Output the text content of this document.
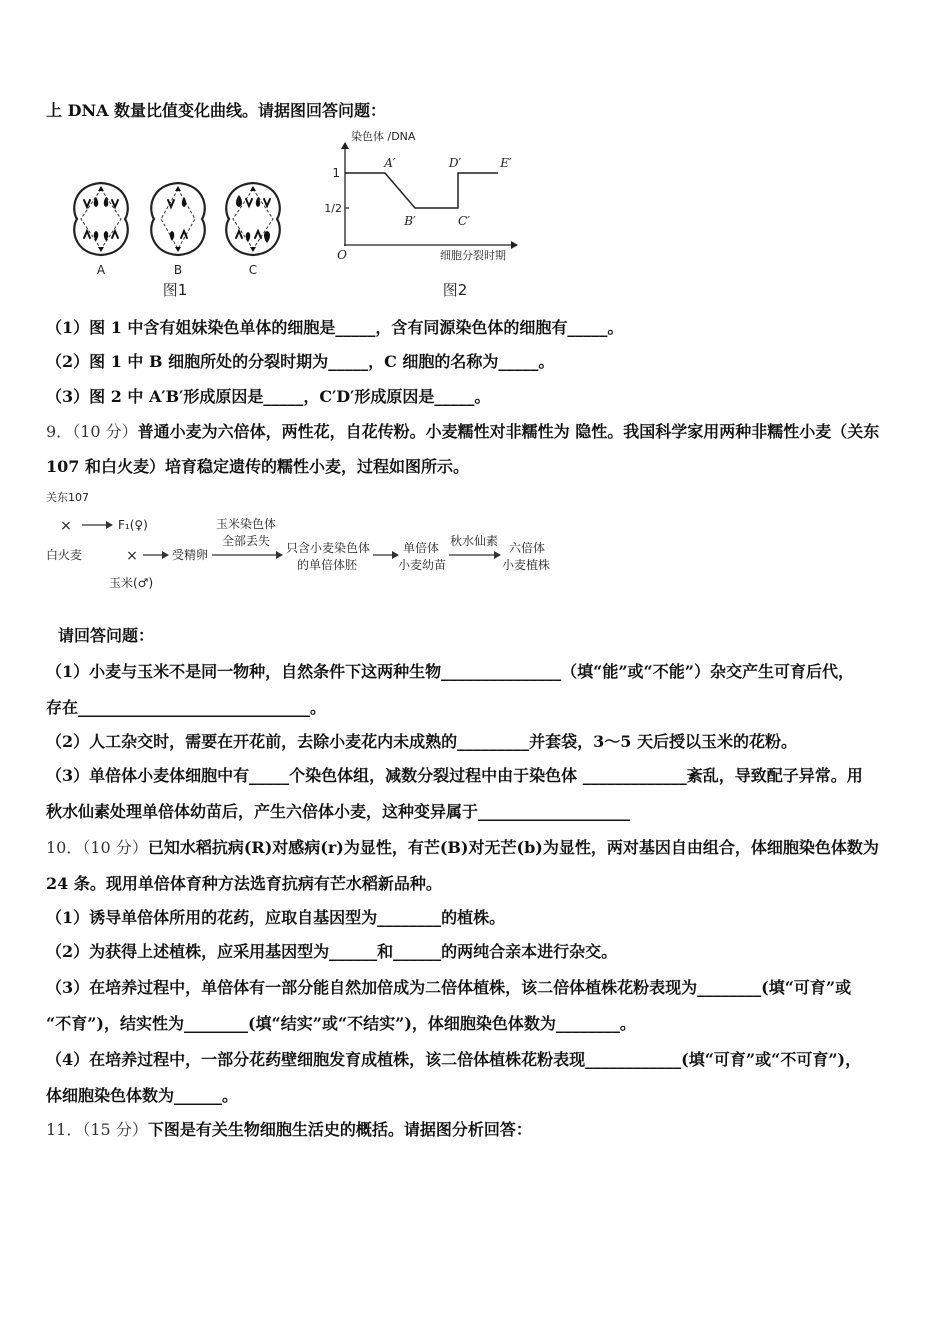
上 DNA 数量比值变化曲线。请据图回答问题：
A	B	C
图1
染色体 /DNA
1
1/2
O
A′
B′	C′
D′	E′
细胞分裂时期
图2
（1）图 1 中含有姐妹染色单体的细胞是_____，含有同源染色体的细胞有_____。
（2）图 1 中 B 细胞所处的分裂时期为_____，C 细胞的名称为_____。
（3）图 2 中 A′B′形成原因是_____，C′D′形成原因是_____。
9．（10 分）普通小麦为六倍体，两性花，自花传粉。小麦糯性对非糯性为 隐性。我国科学家用两种非糯性小麦（关东
107 和白火麦）培育稳定遗传的糯性小麦，过程如图所示。
关东107
×	F₁(♀)
白火麦	×	受精卵
玉米(♂)
玉米染色体
全部丢失 只含小麦染色体
的单倍体胚
单倍体
小麦幼苗
秋水仙素 六倍体
小麦植株
请回答问题：
（1）小麦与玉米不是同一物种，自然条件下这两种生物_______________（填“能”或“不能”）杂交产生可育后代，
存在_____________________________。
（2）人工杂交时，需要在开花前，去除小麦花内未成熟的_________并套袋，3～5 天后授以玉米的花粉。
（3）单倍体小麦体细胞中有_____个染色体组，减数分裂过程中由于染色体 _____________紊乱，导致配子异常。用
秋水仙素处理单倍体幼苗后，产生六倍体小麦，这种变异属于___________________
10．（10 分）已知水稻抗病(R)对感病(r)为显性，有芒(B)对无芒(b)为显性，两对基因自由组合，体细胞染色体数为
24 条。现用单倍体育种方法选育抗病有芒水稻新品种。
（1）诱导单倍体所用的花药，应取自基因型为________的植株。
（2）为获得上述植株，应采用基因型为______和______的两纯合亲本进行杂交。
（3）在培养过程中，单倍体有一部分能自然加倍成为二倍体植株，该二倍体植株花粉表现为________(填“可育”或
“不育”)，结实性为________(填“结实”或“不结实”)，体细胞染色体数为________。
（4）在培养过程中，一部分花药壁细胞发育成植株，该二倍体植株花粉表现____________(填“可育”或“不可育”)，
体细胞染色体数为______。
11．（15 分）下图是有关生物细胞生活史的概括。请据图分析回答：
